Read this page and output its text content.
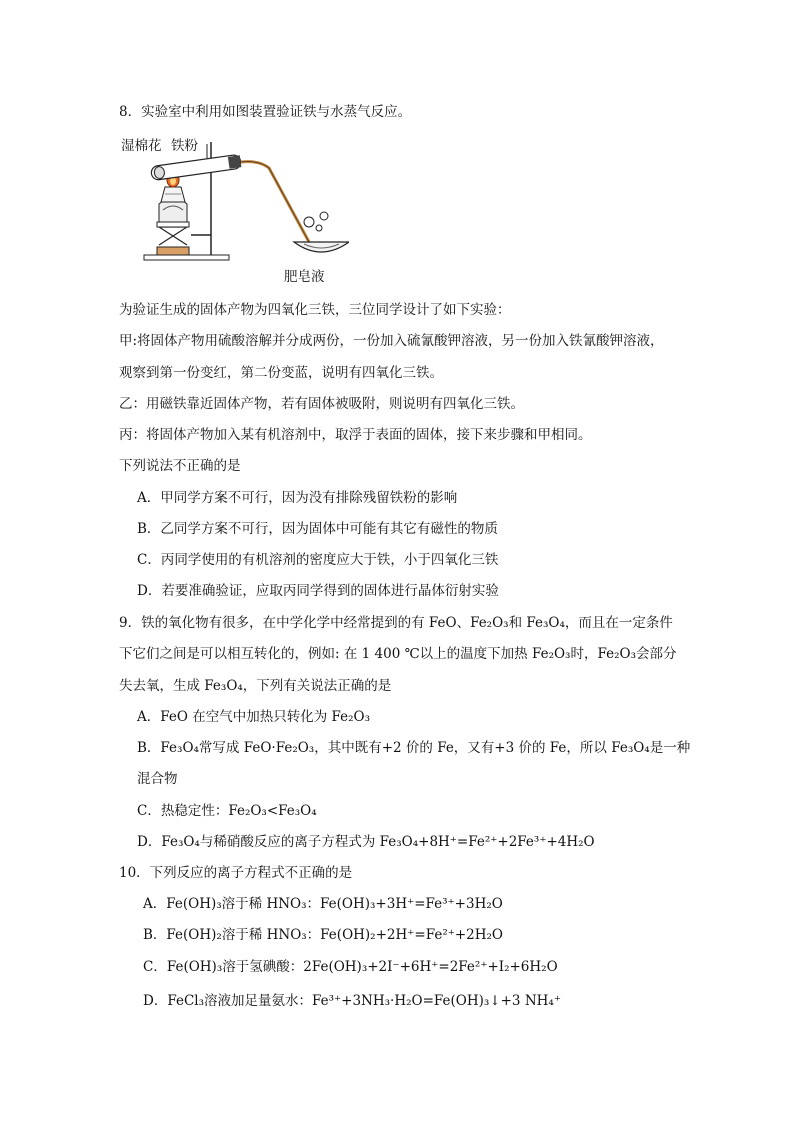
8．实验室中利用如图装置验证铁与水蒸气反应。
湿棉花 铁粉
肥皂液
为验证生成的固体产物为四氧化三铁，三位同学设计了如下实验：
甲:将固体产物用硫酸溶解并分成两份，一份加入硫氰酸钾溶液，另一份加入铁氰酸钾溶液，
观察到第一份变红，第二份变蓝，说明有四氧化三铁。
乙：用磁铁靠近固体产物，若有固体被吸附，则说明有四氧化三铁。
丙：将固体产物加入某有机溶剂中，取浮于表面的固体，接下来步骤和甲相同。
下列说法不正确的是
A．甲同学方案不可行，因为没有排除残留铁粉的影响
B．乙同学方案不可行，因为固体中可能有其它有磁性的物质
C．丙同学使用的有机溶剂的密度应大于铁，小于四氧化三铁
D．若要准确验证，应取丙同学得到的固体进行晶体衍射实验
9．铁的氧化物有很多，在中学化学中经常提到的有 FeO、Fe₂O₃和 Fe₃O₄，而且在一定条件
下它们之间是可以相互转化的，例如: 在 1 400 ℃以上的温度下加热 Fe₂O₃时，Fe₂O₃会部分
失去氧，生成 Fe₃O₄，下列有关说法正确的是
A．FeO 在空气中加热只转化为 Fe₂O₃
B．Fe₃O₄常写成 FeO·Fe₂O₃，其中既有+2 价的 Fe，又有+3 价的 Fe，所以 Fe₃O₄是一种
混合物
C．热稳定性：Fe₂O₃<Fe₃O₄
D．Fe₃O₄与稀硝酸反应的离子方程式为 Fe₃O₄+8H⁺=Fe²⁺+2Fe³⁺+4H₂O
10．下列反应的离子方程式不正确的是
A．Fe(OH)₃溶于稀 HNO₃：Fe(OH)₃+3H⁺=Fe³⁺+3H₂O
B．Fe(OH)₂溶于稀 HNO₃：Fe(OH)₂+2H⁺=Fe²⁺+2H₂O
C．Fe(OH)₃溶于氢碘酸：2Fe(OH)₃+2I⁻+6H⁺=2Fe²⁺+I₂+6H₂O
D．FeCl₃溶液加足量氨水：Fe³⁺+3NH₃·H₂O=Fe(OH)₃↓+3 NH₄⁺
